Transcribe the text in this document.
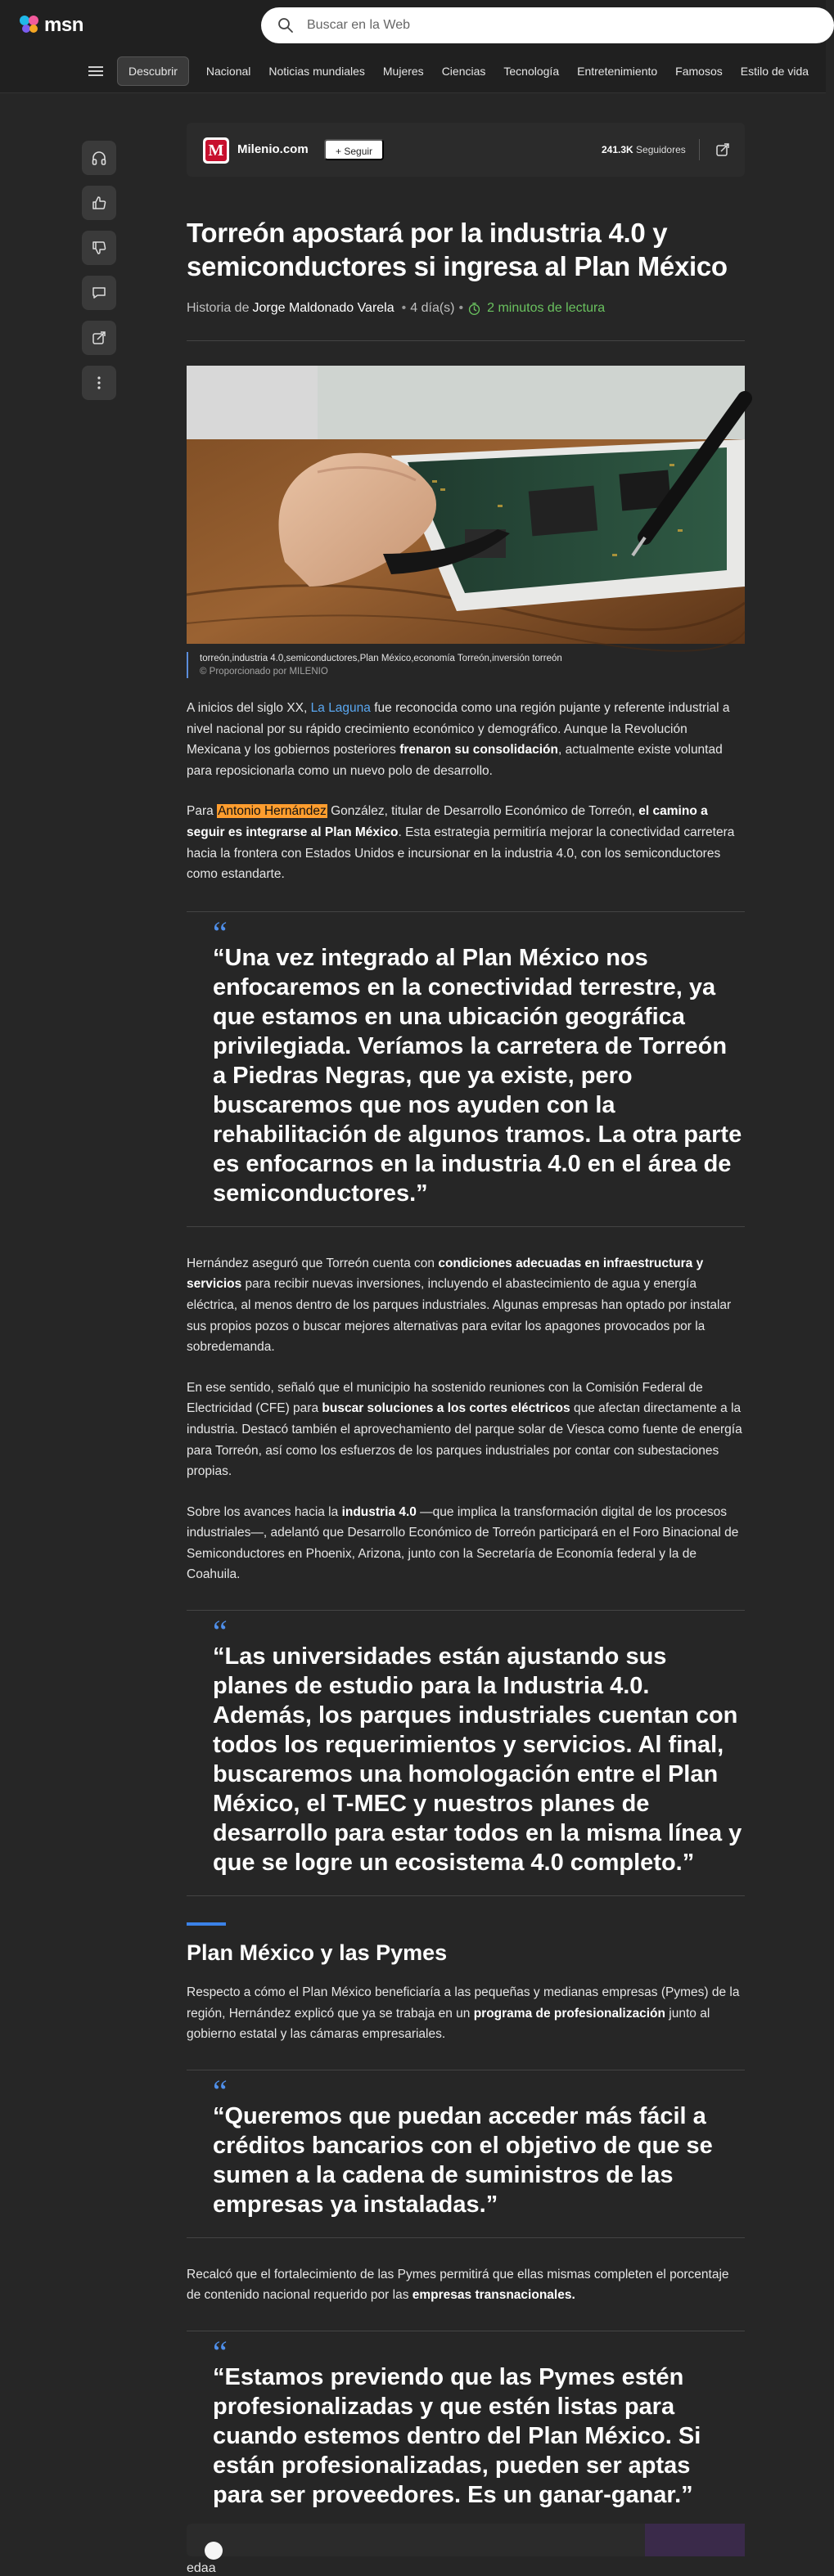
msn
Buscar en la Web
Descubrir	Nacional	Noticias mundiales	Mujeres	Ciencias	Tecnología	Entretenimiento	Famosos	Estilo de vida
M Milenio.com	+ Seguir	241.3K Seguidores
Torreón apostará por la industria 4.0 y semiconductores si ingresa al Plan México
Historia de Jorge Maldonado Varela • 4 día(s) • 2 minutos de lectura
torreón,industria 4.0,semiconductores,Plan México,economía Torreón,inversión torreón
© Proporcionado por MILENIO

A inicios del siglo XX, La Laguna fue reconocida como una región pujante y referente industrial a nivel nacional por su rápido crecimiento económico y demográfico. Aunque la Revolución Mexicana y los gobiernos posteriores frenaron su consolidación, actualmente existe voluntad para reposicionarla como un nuevo polo de desarrollo.

Para Antonio Hernández González, titular de Desarrollo Económico de Torreón, el camino a seguir es integrarse al Plan México. Esta estrategia permitiría mejorar la conectividad carretera hacia la frontera con Estados Unidos e incursionar en la industria 4.0, con los semiconductores como estandarte.

“
“Una vez integrado al Plan México nos enfocaremos en la conectividad terrestre, ya que estamos en una ubicación geográfica privilegiada. Veríamos la carretera de Torreón a Piedras Negras, que ya existe, pero buscaremos que nos ayuden con la rehabilitación de algunos tramos. La otra parte es enfocarnos en la industria 4.0 en el área de semiconductores.”

Hernández aseguró que Torreón cuenta con condiciones adecuadas en infraestructura y servicios para recibir nuevas inversiones, incluyendo el abastecimiento de agua y energía eléctrica, al menos dentro de los parques industriales. Algunas empresas han optado por instalar sus propios pozos o buscar mejores alternativas para evitar los apagones provocados por la sobredemanda.

En ese sentido, señaló que el municipio ha sostenido reuniones con la Comisión Federal de Electricidad (CFE) para buscar soluciones a los cortes eléctricos que afectan directamente a la industria. Destacó también el aprovechamiento del parque solar de Viesca como fuente de energía para Torreón, así como los esfuerzos de los parques industriales por contar con subestaciones propias.

Sobre los avances hacia la industria 4.0 —que implica la transformación digital de los procesos industriales—, adelantó que Desarrollo Económico de Torreón participará en el Foro Binacional de Semiconductores en Phoenix, Arizona, junto con la Secretaría de Economía federal y la de Coahuila.

“
“Las universidades están ajustando sus planes de estudio para la Industria 4.0. Además, los parques industriales cuentan con todos los requerimientos y servicios. Al final, buscaremos una homologación entre el Plan México, el T-MEC y nuestros planes de desarrollo para estar todos en la misma línea y que se logre un ecosistema 4.0 completo.”
Plan México y las Pymes

Respecto a cómo el Plan México beneficiaría a las pequeñas y medianas empresas (Pymes) de la región, Hernández explicó que ya se trabaja en un programa de profesionalización junto al gobierno estatal y las cámaras empresariales.

“
“Queremos que puedan acceder más fácil a créditos bancarios con el objetivo de que se sumen a la cadena de suministros de las empresas ya instaladas.”

Recalcó que el fortalecimiento de las Pymes permitirá que ellas mismas completen el porcentaje de contenido nacional requerido por las empresas transnacionales.

“
“Estamos previendo que las Pymes estén profesionalizadas y que estén listas para cuando estemos dentro del Plan México. Si están profesionalizadas, pueden ser aptas para ser proveedores. Es un ganar-ganar.”
edaa
